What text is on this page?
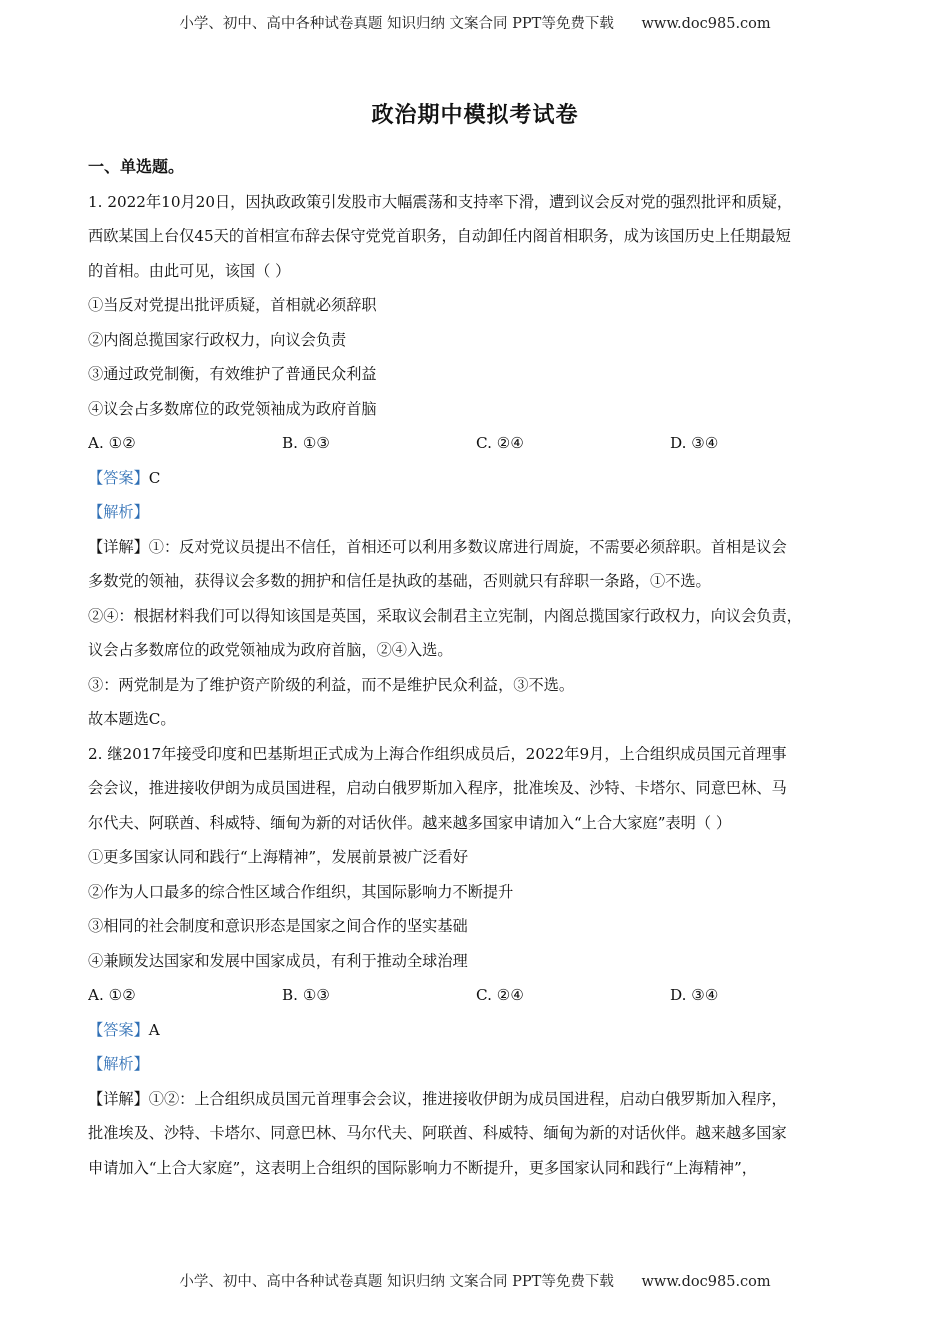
小学、初中、高中各种试卷真题 知识归纳 文案合同 PPT等免费下载      www.doc985.com
政治期中模拟考试卷
一、单选题。
1. 2022年10月20日，因执政政策引发股市大幅震荡和支持率下滑，遭到议会反对党的强烈批评和质疑，
西欧某国上台仅45天的首相宣布辞去保守党党首职务，自动卸任内阁首相职务，成为该国历史上任期最短
的首相。由此可见，该国（ ）
①当反对党提出批评质疑，首相就必须辞职
②内阁总揽国家行政权力，向议会负责
③通过政党制衡，有效维护了普通民众利益
④议会占多数席位的政党领袖成为政府首脑
A. ①②	B. ①③	C. ②④	D. ③④
【答案】C
【解析】
【详解】①：反对党议员提出不信任，首相还可以利用多数议席进行周旋，不需要必须辞职。首相是议会
多数党的领袖，获得议会多数的拥护和信任是执政的基础，否则就只有辞职一条路，①不选。
②④：根据材料我们可以得知该国是英国，采取议会制君主立宪制，内阁总揽国家行政权力，向议会负责，
议会占多数席位的政党领袖成为政府首脑，②④入选。
③：两党制是为了维护资产阶级的利益，而不是维护民众利益，③不选。
故本题选C。
2. 继2017年接受印度和巴基斯坦正式成为上海合作组织成员后，2022年9月，上合组织成员国元首理事
会会议，推进接收伊朗为成员国进程，启动白俄罗斯加入程序，批准埃及、沙特、卡塔尔、同意巴林、马
尔代夫、阿联酋、科威特、缅甸为新的对话伙伴。越来越多国家申请加入“上合大家庭”表明（ ）
①更多国家认同和践行“上海精神”，发展前景被广泛看好
②作为人口最多的综合性区域合作组织，其国际影响力不断提升
③相同的社会制度和意识形态是国家之间合作的坚实基础
④兼顾发达国家和发展中国家成员，有利于推动全球治理
A. ①②	B. ①③	C. ②④	D. ③④
【答案】A
【解析】
【详解】①②：上合组织成员国元首理事会会议，推进接收伊朗为成员国进程，启动白俄罗斯加入程序，
批准埃及、沙特、卡塔尔、同意巴林、马尔代夫、阿联酋、科威特、缅甸为新的对话伙伴。越来越多国家
申请加入“上合大家庭”，这表明上合组织的国际影响力不断提升，更多国家认同和践行“上海精神”，
小学、初中、高中各种试卷真题 知识归纳 文案合同 PPT等免费下载      www.doc985.com
